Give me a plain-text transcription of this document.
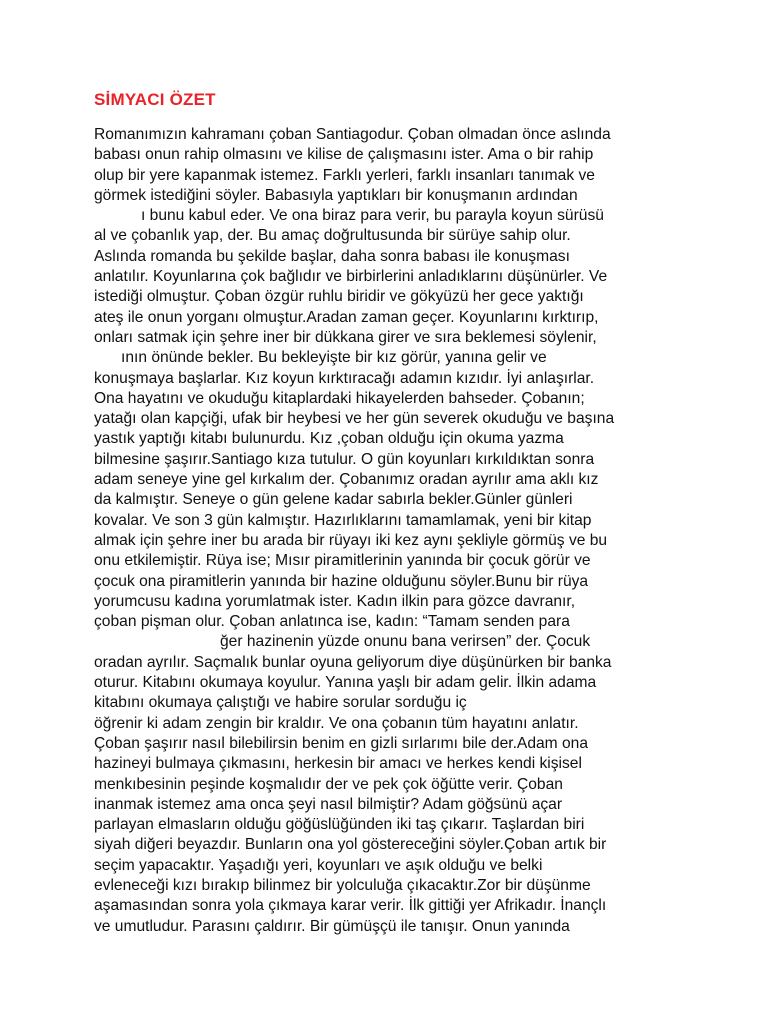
SİMYACI ÖZET
Romanımızın kahramanı çoban Santiagodur. Çoban olmadan önce aslında
babası onun rahip olmasını ve kilise de çalışmasını ister. Ama o bir rahip
olup bir yere kapanmak istemez. Farklı yerleri, farklı insanları tanımak ve
görmek istediğini söyler. Babasıyla yaptıkları bir konuşmanın ardından
ı bunu kabul eder. Ve ona biraz para verir, bu parayla koyun sürüsü
al ve çobanlık yap, der. Bu amaç doğrultusunda bir sürüye sahip olur.
Aslında romanda bu şekilde başlar, daha sonra babası ile konuşması
anlatılır. Koyunlarına çok bağlıdır ve birbirlerini anladıklarını düşünürler. Ve
istediği olmuştur. Çoban özgür ruhlu biridir ve gökyüzü her gece yaktığı
ateş ile onun yorganı olmuştur.Aradan zaman geçer. Koyunlarını kırktırıp,
onları satmak için şehre iner bir dükkana girer ve sıra beklemesi söylenir,
ının önünde bekler. Bu bekleyişte bir kız görür, yanına gelir ve
konuşmaya başlarlar. Kız koyun kırktıracağı adamın kızıdır. İyi anlaşırlar.
Ona hayatını ve okuduğu kitaplardaki hikayelerden bahseder. Çobanın;
yatağı olan kapçiği, ufak bir heybesi ve her gün severek okuduğu ve başına
yastık yaptığı kitabı bulunurdu. Kız ,çoban olduğu için okuma yazma
bilmesine şaşırır.Santiago kıza tutulur. O gün koyunları kırkıldıktan sonra
adam seneye yine gel kırkalım der. Çobanımız oradan ayrılır ama aklı kız
da kalmıştır. Seneye o gün gelene kadar sabırla bekler.Günler günleri
kovalar. Ve son 3 gün kalmıştır. Hazırlıklarını tamamlamak, yeni bir kitap
almak için şehre iner bu arada bir rüyayı iki kez aynı şekliyle görmüş ve bu
onu etkilemiştir. Rüya ise; Mısır piramitlerinin yanında bir çocuk görür ve
çocuk ona piramitlerin yanında bir hazine olduğunu söyler.Bunu bir rüya
yorumcusu kadına yorumlatmak ister. Kadın ilkin para gözce davranır,
çoban pişman olur. Çoban anlatınca ise, kadın: “Tamam senden para
ğer hazinenin yüzde onunu bana verirsen” der. Çocuk
oradan ayrılır. Saçmalık bunlar oyuna geliyorum diye düşünürken bir banka
oturur. Kitabını okumaya koyulur. Yanına yaşlı bir adam gelir. İlkin adama
kitabını okumaya çalıştığı ve habire sorular sorduğu iç
öğrenir ki adam zengin bir kraldır. Ve ona çobanın tüm hayatını anlatır.
Çoban şaşırır nasıl bilebilirsin benim en gizli sırlarımı bile der.Adam ona
hazineyi bulmaya çıkmasını, herkesin bir amacı ve herkes kendi kişisel
menkıbesinin peşinde koşmalıdır der ve pek çok öğütte verir. Çoban
inanmak istemez ama onca şeyi nasıl bilmiştir? Adam göğsünü açar
parlayan elmasların olduğu göğüslüğünden iki taş çıkarır. Taşlardan biri
siyah diğeri beyazdır. Bunların ona yol göstereceğini söyler.Çoban artık bir
seçim yapacaktır. Yaşadığı yeri, koyunları ve aşık olduğu ve belki
evleneceği kızı bırakıp bilinmez bir yolculuğa çıkacaktır.Zor bir düşünme
aşamasından sonra yola çıkmaya karar verir. İlk gittiği yer Afrikadır. İnançlı
ve umutludur. Parasını çaldırır. Bir gümüşçü ile tanışır. Onun yanında
